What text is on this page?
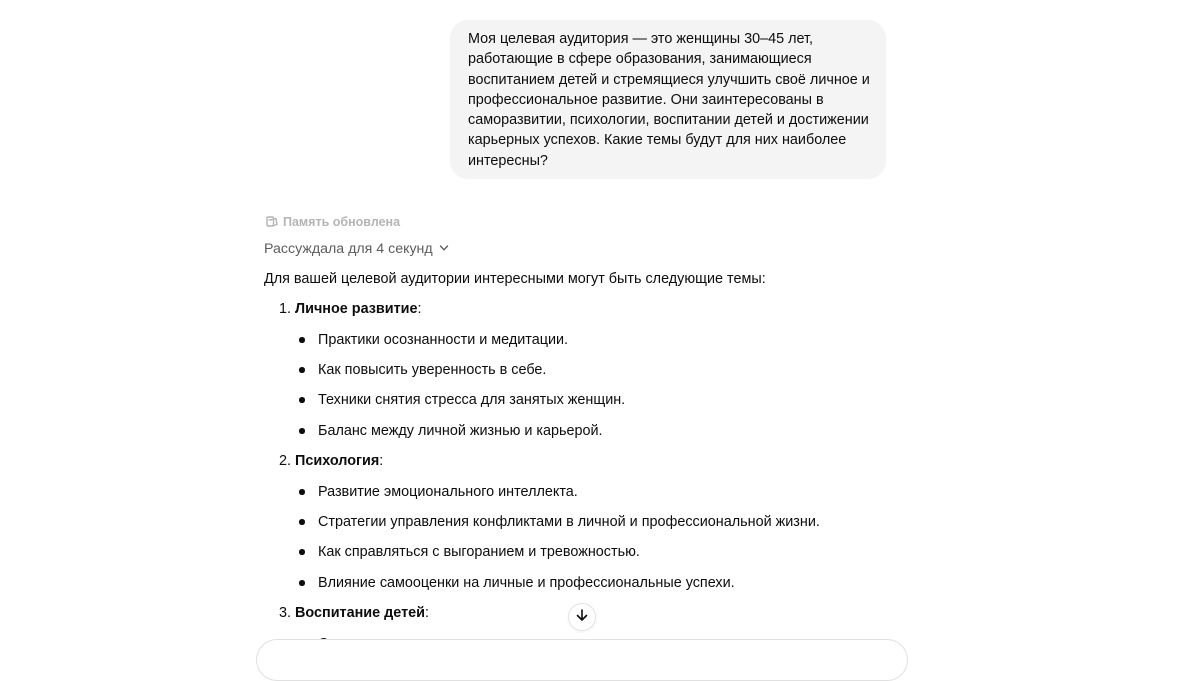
Моя целевая аудитория — это женщины 30–45 лет,
работающие в сфере образования, занимающиеся
воспитанием детей и стремящиеся улучшить своё личное и
профессиональное развитие. Они заинтересованы в
саморазвитии, психологии, воспитании детей и достижении
карьерных успехов. Какие темы будут для них наиболее
интересны?
Память обновлена
Рассуждала для 4 секунд
Для вашей целевой аудитории интересными могут быть следующие темы:
1. Личное развитие:
Практики осознанности и медитации.
Как повысить уверенность в себе.
Техники снятия стресса для занятых женщин.
Баланс между личной жизнью и карьерой.
2. Психология:
Развитие эмоционального интеллекта.
Стратегии управления конфликтами в личной и профессиональной жизни.
Как справляться с выгоранием и тревожностью.
Влияние самооценки на личные и профессиональные успехи.
3. Воспитание детей:
